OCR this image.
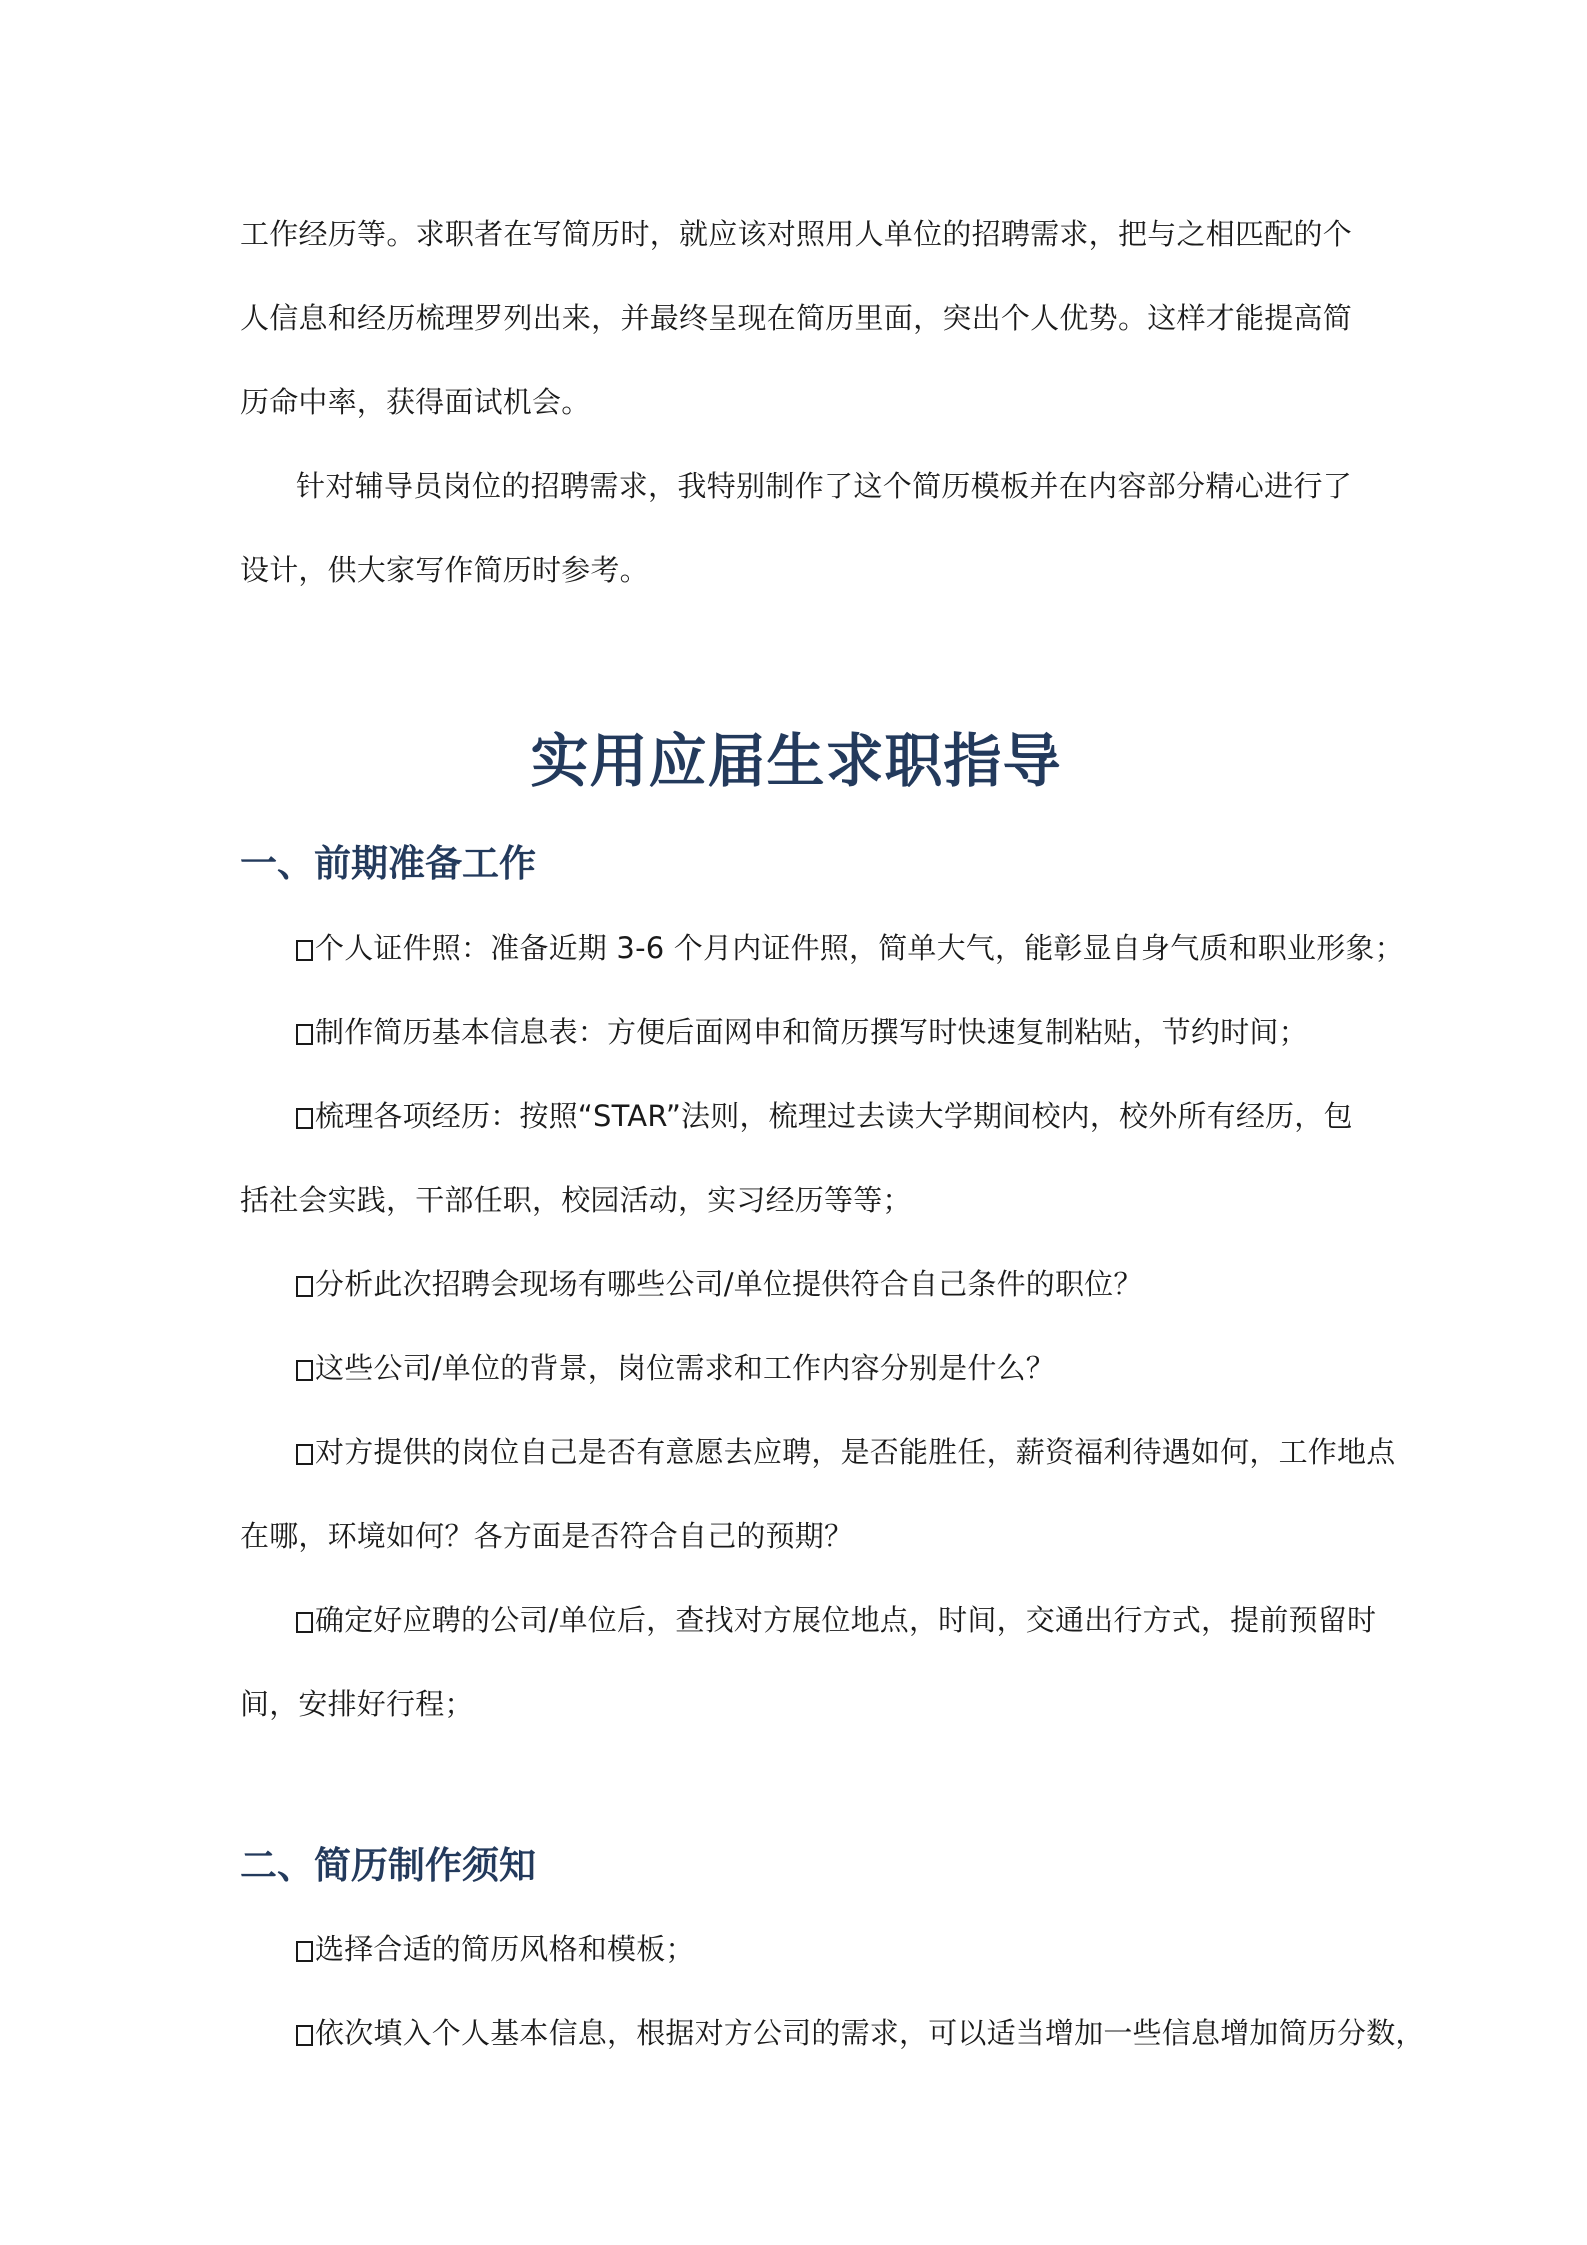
工作经历等。求职者在写简历时，就应该对照用人单位的招聘需求，把与之相匹配的个
人信息和经历梳理罗列出来，并最终呈现在简历里面，突出个人优势。这样才能提高简
历命中率，获得面试机会。
针对辅导员岗位的招聘需求，我特别制作了这个简历模板并在内容部分精心进行了
设计，供大家写作简历时参考。
实用应届生求职指导
一、前期准备工作
个人证件照：准备近期 3-6 个月内证件照，简单大气，能彰显自身气质和职业形象；
制作简历基本信息表：方便后面网申和简历撰写时快速复制粘贴，节约时间；
梳理各项经历：按照“STAR”法则，梳理过去读大学期间校内，校外所有经历，包
括社会实践，干部任职，校园活动，实习经历等等；
分析此次招聘会现场有哪些公司/单位提供符合自己条件的职位？
这些公司/单位的背景，岗位需求和工作内容分别是什么？
对方提供的岗位自己是否有意愿去应聘，是否能胜任，薪资福利待遇如何，工作地点
在哪，环境如何？各方面是否符合自己的预期？
确定好应聘的公司/单位后，查找对方展位地点，时间，交通出行方式，提前预留时
间，安排好行程；
二、简历制作须知
选择合适的简历风格和模板；
依次填入个人基本信息，根据对方公司的需求，可以适当增加一些信息增加简历分数，
